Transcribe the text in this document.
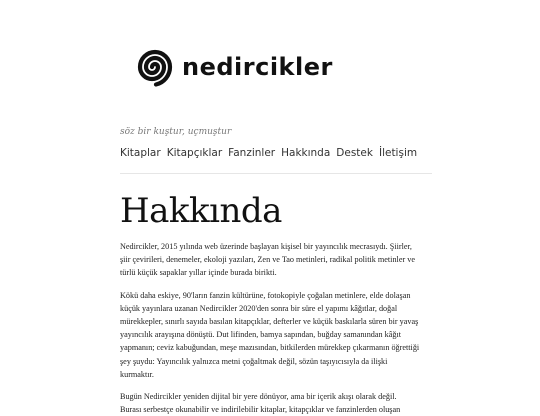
nedircikler
söz bir kuştur, uçmuştur
Kitaplar Kitapçıklar Fanzinler Hakkında Destek İletişim
Hakkında

Nedircikler, 2015 yılında web üzerinde başlayan kişisel bir yayıncılık mecrasıydı. Şiirler, şiir çevirileri, denemeler, ekoloji yazıları, Zen ve Tao metinleri, radikal politik metinler ve türlü küçük sapaklar yıllar içinde burada birikti.

Kökü daha eskiye, 90'ların fanzin kültürüne, fotokopiyle çoğalan metinlere, elde dolaşan küçük yayınlara uzanan Nedircikler 2020'den sonra bir süre el yapımı kâğıtlar, doğal mürekkepler, sınırlı sayıda basılan kitapçıklar, defterler ve küçük baskılarla süren bir yavaş yayıncılık arayışına dönüştü. Dut lifinden, bamya sapından, buğday samanından kâğıt yapmanın; ceviz kabuğundan, meşe mazısından, bitkilerden mürekkep çıkarmanın öğrettiği şey şuydu: Yayıncılık yalnızca metni çoğaltmak değil, sözün taşıyıcısıyla da ilişki kurmaktır.

Bugün Nedircikler yeniden dijital bir yere dönüyor, ama bir içerik akışı olarak değil. Burası serbestçe okunabilir ve indirilebilir kitaplar, kitapçıklar ve fanzinlerden oluşan
